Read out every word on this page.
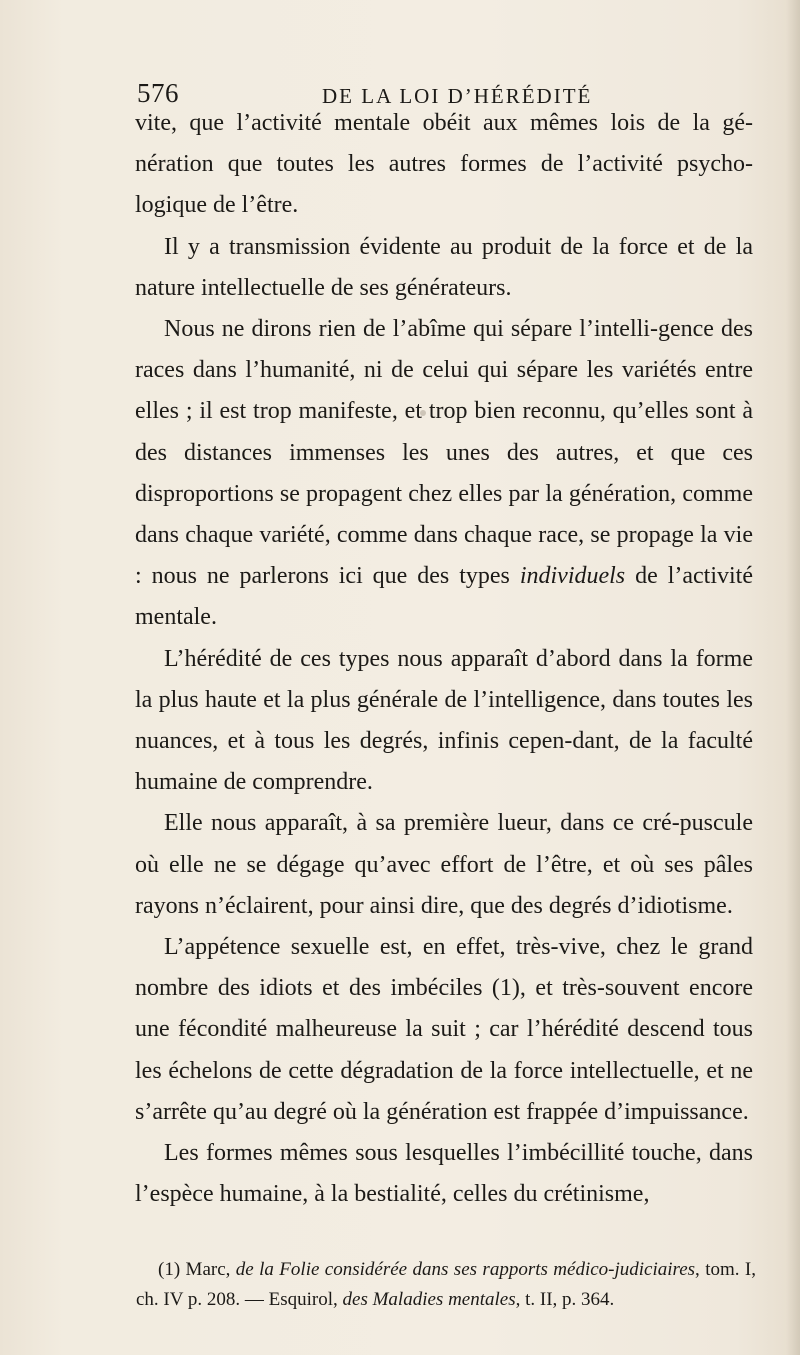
576	DE LA LOI D’HÉRÉDITÉ

vite, que l’activité mentale obéit aux mêmes lois de la gé-nération que toutes les autres formes de l’activité psycho-logique de l’être.

Il y a transmission évidente au produit de la force et de la nature intellectuelle de ses générateurs.

Nous ne dirons rien de l’abîme qui sépare l’intelli-gence des races dans l’humanité, ni de celui qui sépare les variétés entre elles ; il est trop manifeste, et trop bien reconnu, qu’elles sont à des distances immenses les unes des autres, et que ces disproportions se propagent chez elles par la génération, comme dans chaque variété, comme dans chaque race, se propage la vie : nous ne parlerons ici que des types individuels de l’activité mentale.

L’hérédité de ces types nous apparaît d’abord dans la forme la plus haute et la plus générale de l’intelligence, dans toutes les nuances, et à tous les degrés, infinis cepen-dant, de la faculté humaine de comprendre.

Elle nous apparaît, à sa première lueur, dans ce cré-puscule où elle ne se dégage qu’avec effort de l’être, et où ses pâles rayons n’éclairent, pour ainsi dire, que des degrés d’idiotisme.

L’appétence sexuelle est, en effet, très-vive, chez le grand nombre des idiots et des imbéciles (1), et très-souvent encore une fécondité malheureuse la suit ; car l’hérédité descend tous les échelons de cette dégradation de la force intellectuelle, et ne s’arrête qu’au degré où la génération est frappée d’impuissance.

Les formes mêmes sous lesquelles l’imbécillité touche, dans l’espèce humaine, à la bestialité, celles du crétinisme,

(1) Marc, de la Folie considérée dans ses rapports médico-judiciaires, tom. I, ch. IV p. 208. — Esquirol, des Maladies mentales, t. II, p. 364.
